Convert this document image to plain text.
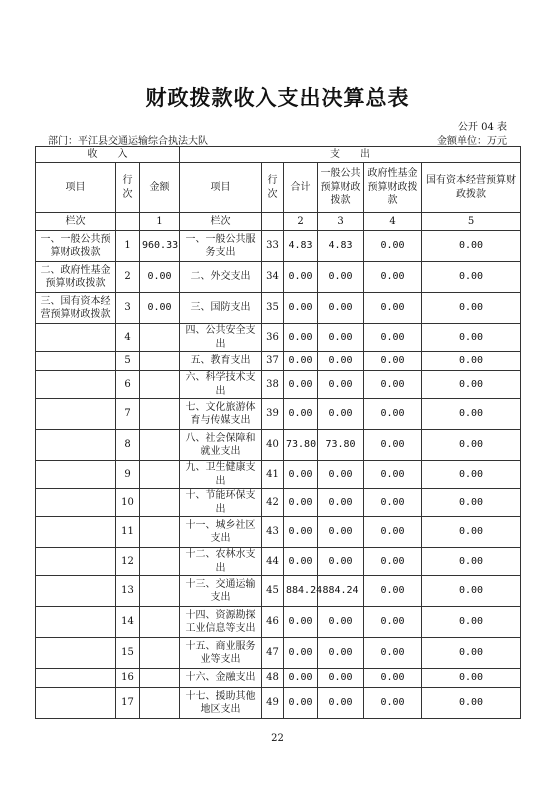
财政拨款收入支出决算总表
公开 04 表
部门：平江县交通运输综合执法大队	金额单位：万元
收　　入			支　　出					
项目	行次	金额	项目	行次	合计	一般公共预算财政拨款	政府性基金预算财政拨款	国有资本经营预算财政拨款
栏次		1	栏次		2	3	4	5
一、一般公共预算财政拨款	1	960.33	一、一般公共服务支出	33	4.83	4.83	0.00	0.00
二、政府性基金预算财政拨款	2	0.00	二、外交支出	34	0.00	0.00	0.00	0.00
三、国有资本经营预算财政拨款	3	0.00	三、国防支出	35	0.00	0.00	0.00	0.00
	4		四、公共安全支出	36	0.00	0.00	0.00	0.00
	5		五、教育支出	37	0.00	0.00	0.00	0.00
	6		六、科学技术支出	38	0.00	0.00	0.00	0.00
	7		七、文化旅游体育与传媒支出	39	0.00	0.00	0.00	0.00
	8		八、社会保障和就业支出	40	73.80	73.80	0.00	0.00
	9		九、卫生健康支出	41	0.00	0.00	0.00	0.00
	10		十、节能环保支出	42	0.00	0.00	0.00	0.00
	11		十一、城乡社区支出	43	0.00	0.00	0.00	0.00
	12		十二、农林水支出	44	0.00	0.00	0.00	0.00
	13		十三、交通运输支出	45	884.24	884.24	0.00	0.00
	14		十四、资源勘探工业信息等支出	46	0.00	0.00	0.00	0.00
	15		十五、商业服务业等支出	47	0.00	0.00	0.00	0.00
	16		十六、金融支出	48	0.00	0.00	0.00	0.00
	17		十七、援助其他地区支出	49	0.00	0.00	0.00	0.00
22
